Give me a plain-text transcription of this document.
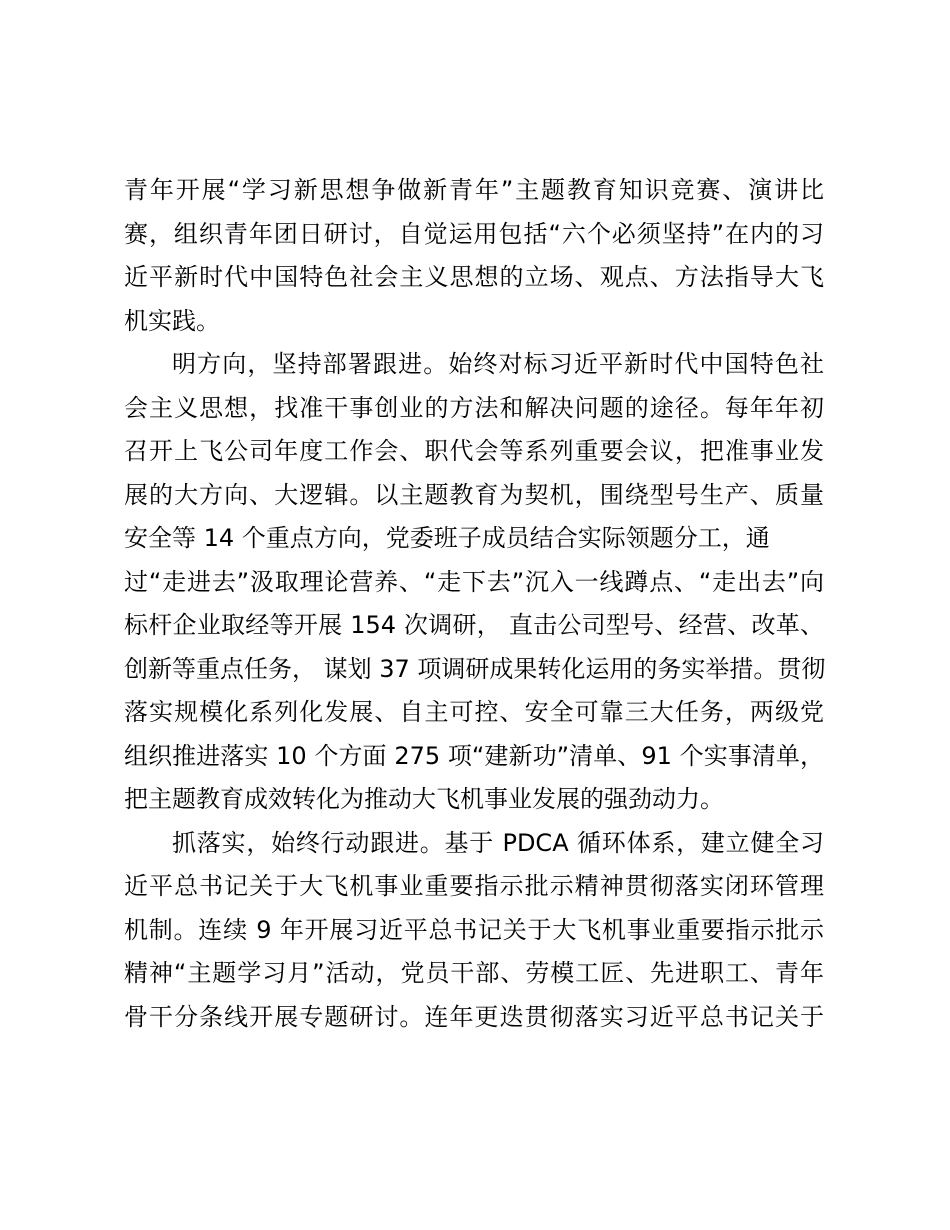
青年开展“学习新思想争做新青年”主题教育知识竞赛、演讲比
赛，组织青年团日研讨，自觉运用包括“六个必须坚持”在内的习
近平新时代中国特色社会主义思想的立场、观点、方法指导大飞
机实践。
明方向，坚持部署跟进。始终对标习近平新时代中国特色社
会主义思想，找准干事创业的方法和解决问题的途径。每年年初
召开上飞公司年度工作会、职代会等系列重要会议，把准事业发
展的大方向、大逻辑。以主题教育为契机，围绕型号生产、质量
安全等 14 个重点方向，党委班子成员结合实际领题分工，通
过“走进去”汲取理论营养、“走下去”沉入一线蹲点、“走出去”向
标杆企业取经等开展 154 次调研， 直击公司型号、经营、改革、
创新等重点任务， 谋划 37 项调研成果转化运用的务实举措。贯彻
落实规模化系列化发展、自主可控、安全可靠三大任务，两级党
组织推进落实 10 个方面 275 项“建新功”清单、91 个实事清单，
把主题教育成效转化为推动大飞机事业发展的强劲动力。
抓落实，始终行动跟进。基于 PDCA 循环体系，建立健全习
近平总书记关于大飞机事业重要指示批示精神贯彻落实闭环管理
机制。连续 9 年开展习近平总书记关于大飞机事业重要指示批示
精神“主题学习月”活动，党员干部、劳模工匠、先进职工、青年
骨干分条线开展专题研讨。连年更迭贯彻落实习近平总书记关于
